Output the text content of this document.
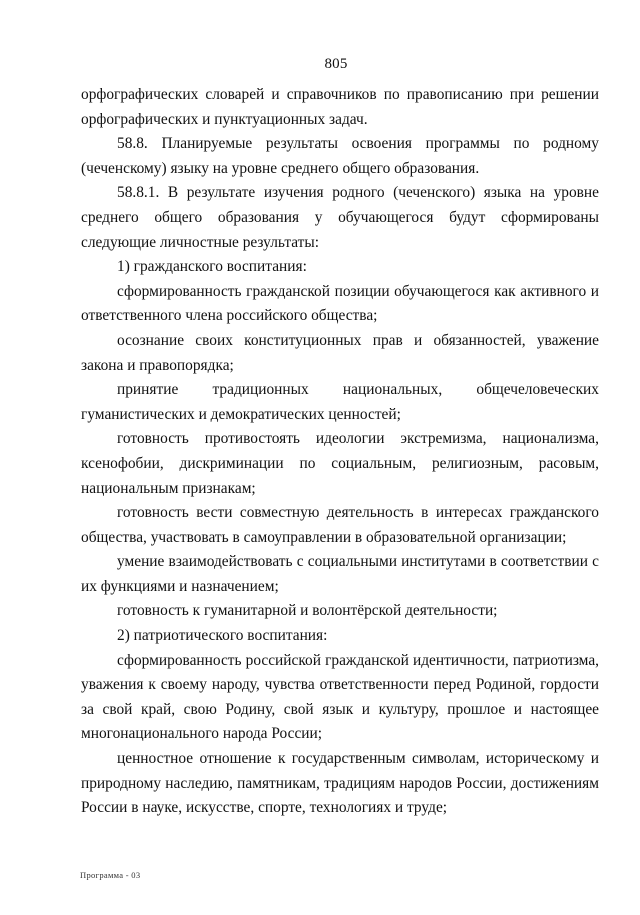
805

орфографических словарей и справочников по правописанию при решении орфографических и пунктуационных задач.

58.8. Планируемые результаты освоения программы по родному (чеченскому) языку на уровне среднего общего образования.

58.8.1. В результате изучения родного (чеченского) языка на уровне среднего общего образования у обучающегося будут сформированы следующие личностные результаты:

1) гражданского воспитания:

сформированность гражданской позиции обучающегося как активного и ответственного члена российского общества;

осознание своих конституционных прав и обязанностей, уважение закона и правопорядка;

принятие традиционных национальных, общечеловеческих гуманистических и демократических ценностей;

готовность противостоять идеологии экстремизма, национализма, ксенофобии, дискриминации по социальным, религиозным, расовым, национальным признакам;

готовность вести совместную деятельность в интересах гражданского общества, участвовать в самоуправлении в образовательной организации;

умение взаимодействовать с социальными институтами в соответствии с их функциями и назначением;

готовность к гуманитарной и волонтёрской деятельности;

2) патриотического воспитания:

сформированность российской гражданской идентичности, патриотизма, уважения к своему народу, чувства ответственности перед Родиной, гордости за свой край, свою Родину, свой язык и культуру, прошлое и настоящее многонационального народа России;

ценностное отношение к государственным символам, историческому и природному наследию, памятникам, традициям народов России, достижениям России в науке, искусстве, спорте, технологиях и труде;

Программа - 03
